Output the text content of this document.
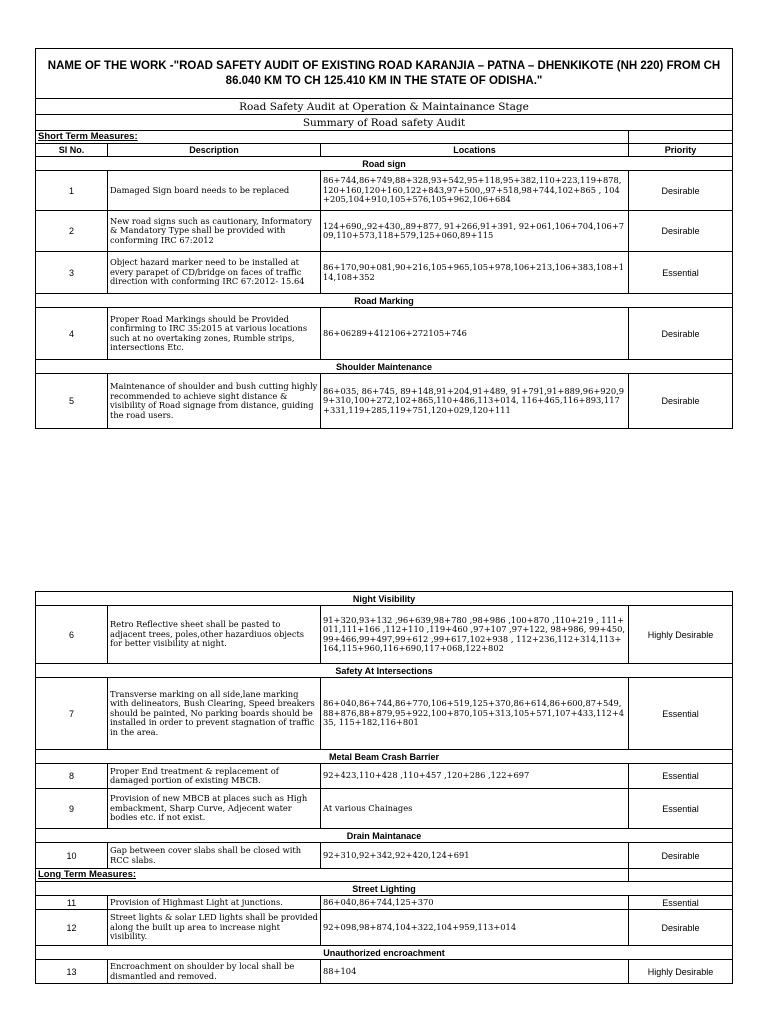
NAME OF THE WORK -"ROAD SAFETY AUDIT OF EXISTING ROAD KARANJIA – PATNA – DHENKIKOTE (NH 220) FROM CH 86.040 KM TO CH 125.410 KM IN THE STATE OF ODISHA."			
Road Safety Audit at Operation & Maintainance Stage			
Summary of Road safety Audit			
Short Term Measures:			
Sl No.	Description	Locations	Priority
Road sign			
1	Damaged Sign board needs to be replaced	86+744,86+749,88+328,93+542,95+118,95+382,110+223,119+878,120+160,120+160,122+843,97+500,,97+518,98+744,102+865 , 104+205,104+910,105+576,105+962,106+684	Desirable
2	New road signs such as cautionary, Informatory & Mandatory Type shall be provided with conforming IRC 67:2012	124+690,,92+430,,89+877, 91+266,91+391, 92+061,106+704,106+709,110+573,118+579,125+060,89+115	Desirable
3	Object hazard marker need to be installed at every parapet of CD/bridge on faces of traffic direction with conforming IRC 67:2012- 15.64	86+170,90+081,90+216,105+965,105+978,106+213,106+383,108+114,108+352	Essential
Road Marking			
4	Proper Road Markings should be Provided confirming to IRC 35:2015 at various locations such at no overtaking zones, Rumble strips, intersections Etc.	86+06289+412106+272105+746	Desirable
Shoulder Maintenance			
5	Maintenance of shoulder and bush cutting highly recommended to achieve sight distance & visibility of Road signage from distance, guiding the road users.	86+035, 86+745, 89+148,91+204,91+489, 91+791,91+889,96+920,99+310,100+272,102+865,110+486,113+014, 116+465,116+893,117+331,119+285,119+751,120+029,120+111	Desirable
Night Visibility			
6	Retro Reflective sheet shall be pasted to adjacent trees, poles,other hazardiuos objects for better visibility at night.	91+320,93+132 ,96+639,98+780 ,98+986 ,100+870 ,110+219 , 111+011,111+166 ,112+110 ,119+460 ,97+107 ,97+122, 98+986, 99+450,99+466,99+497,99+612 ,99+617,102+938 , 112+236,112+314,113+164,115+960,116+690,117+068,122+802	Highly Desirable
Safety At Intersections			
7	Transverse marking on all side,lane marking with delineators, Bush Clearing, Speed breakers should be painted, No parking boards should be installed in order to prevent stagnation of traffic in the area.	86+040,86+744,86+770,106+519,125+370,86+614,86+600,87+549,88+876,88+879,95+922,100+870,105+313,105+571,107+433,112+435, 115+182,116+801	Essential
Metal Beam Crash Barrier			
8	Proper End treatment & replacement of damaged portion of existing MBCB.	92+423,110+428 ,110+457 ,120+286 ,122+697	Essential
9	Provision of new MBCB at places such as High embackment, Sharp Curve, Adjecent water bodies etc. if not exist.	At various Chainages	Essential
Drain Maintanace			
10	Gap between cover slabs shall be closed with RCC slabs.	92+310,92+342,92+420,124+691	Desirable
Long Term Measures:			
Street Lighting			
11	Provision of Highmast Light at junctions.	86+040,86+744,125+370	Essential
12	Street lights & solar LED lights shall be provided along the built up area to increase night visibility.	92+098,98+874,104+322,104+959,113+014	Desirable
Unauthorized encroachment			
13	Encroachment on shoulder by local shall be dismantled and removed.	88+104	Highly Desirable
